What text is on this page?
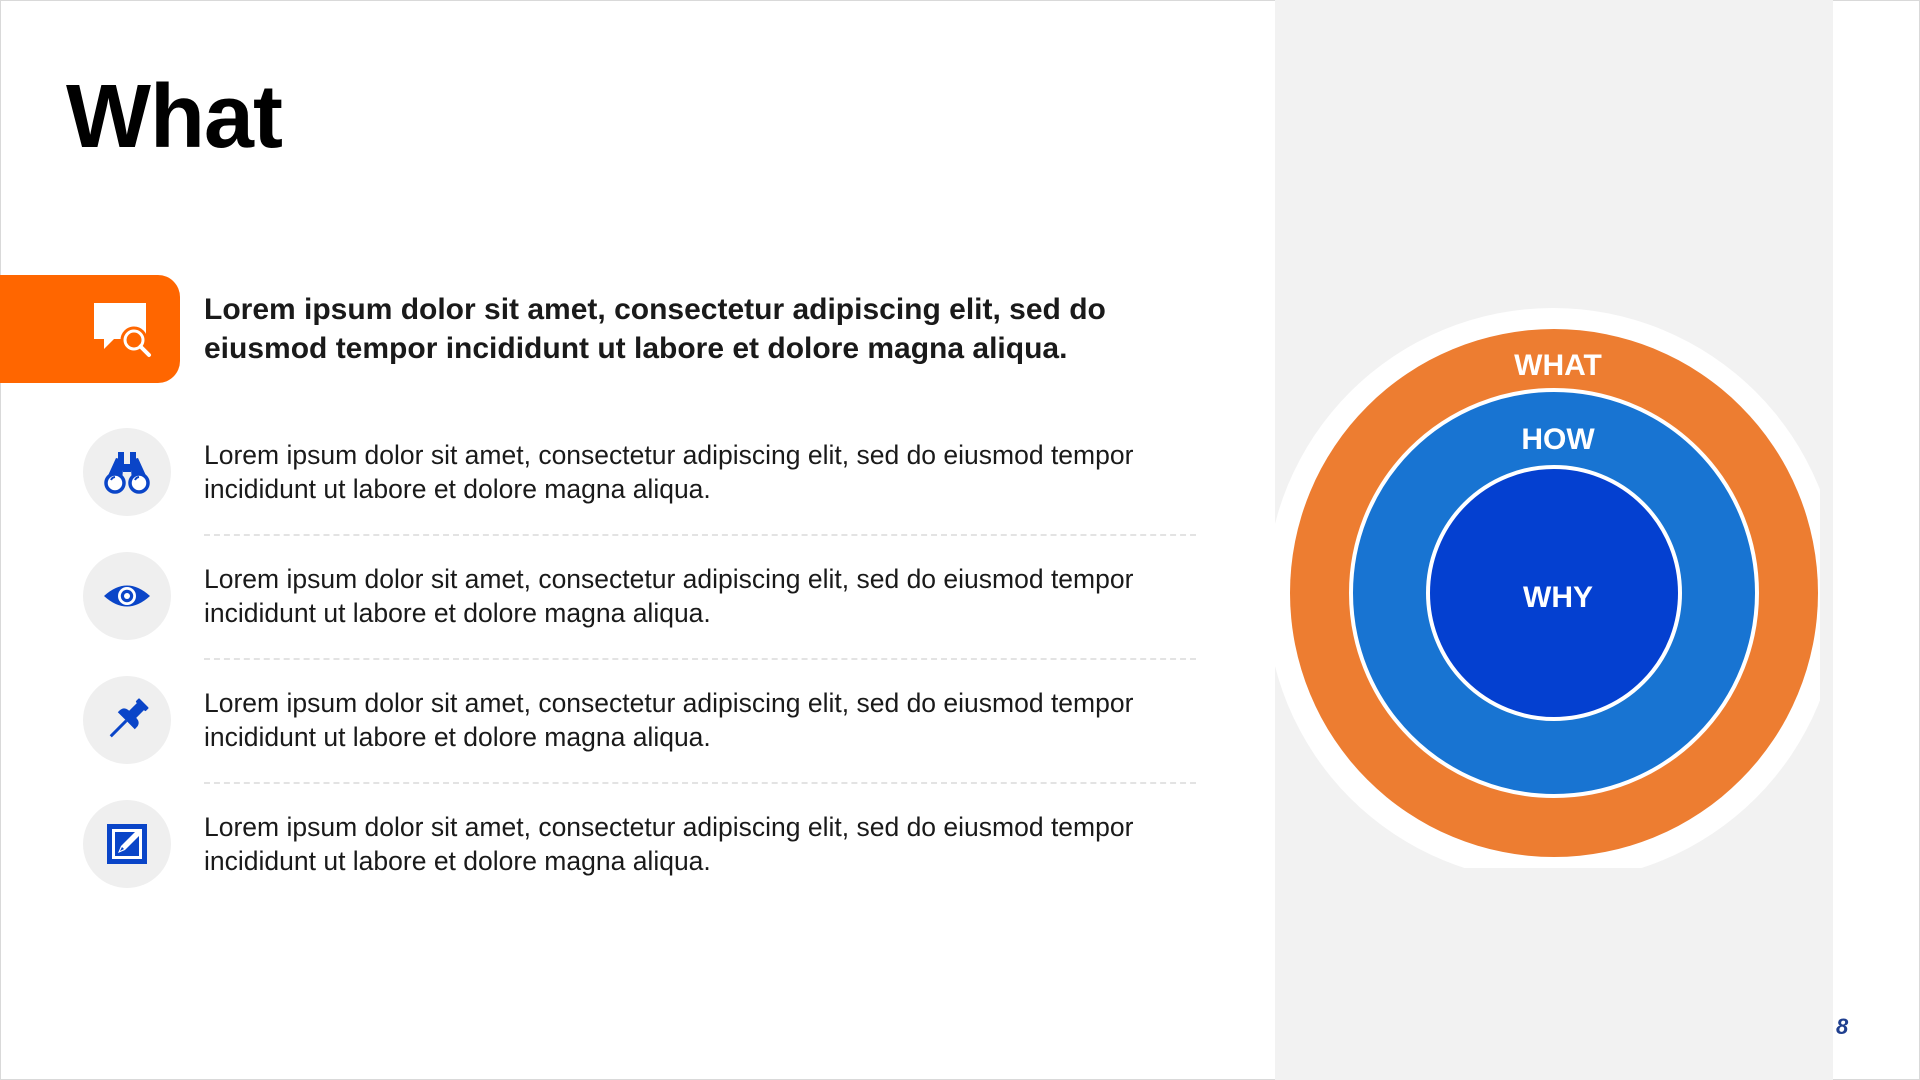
What
Lorem ipsum dolor sit amet, consectetur adipiscing elit, sed do eiusmod tempor incididunt ut labore et dolore magna aliqua.
Lorem ipsum dolor sit amet, consectetur adipiscing elit, sed do eiusmod tempor incididunt ut labore et dolore magna aliqua.
Lorem ipsum dolor sit amet, consectetur adipiscing elit, sed do eiusmod tempor incididunt ut labore et dolore magna aliqua.
Lorem ipsum dolor sit amet, consectetur adipiscing elit, sed do eiusmod tempor incididunt ut labore et dolore magna aliqua.
Lorem ipsum dolor sit amet, consectetur adipiscing elit, sed do eiusmod tempor incididunt ut labore et dolore magna aliqua.
WHAT
HOW
WHY
8
